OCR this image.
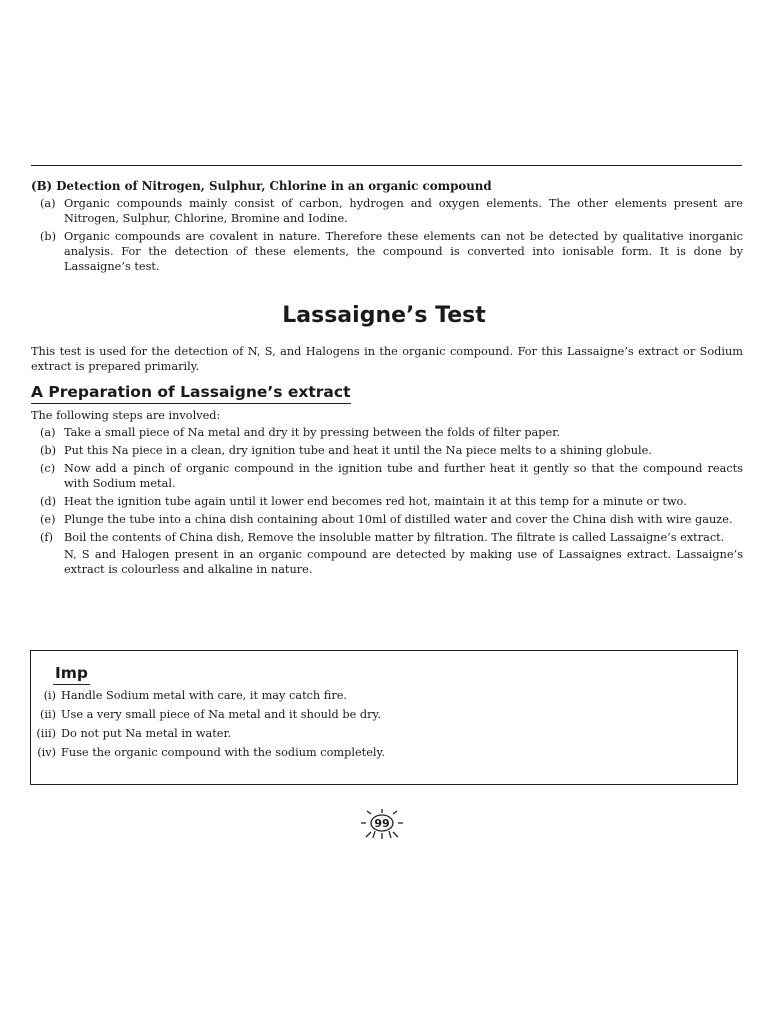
(B) Detection of Nitrogen, Sulphur, Chlorine in an organic compound
(a) Organic compounds mainly consist of carbon, hydrogen and oxygen elements. The other elements present are Nitrogen, Sulphur, Chlorine, Bromine and Iodine.
(b) Organic compounds are covalent in nature. Therefore these elements can not be detected by qualitative inorganic analysis. For the detection of these elements, the compound is converted into ionisable form. It is done by Lassaigne’s test.
Lassaigne’s Test
This test is used for the detection of N, S, and Halogens in the organic compound. For this Lassaigne’s extract or Sodium extract is prepared primarily.
A Preparation of Lassaigne’s extract
The following steps are involved:
(a) Take a small piece of Na metal and dry it by pressing between the folds of filter paper.
(b) Put this Na piece in a clean, dry ignition tube and heat it until the Na piece melts to a shining globule.
(c) Now add a pinch of organic compound in the ignition tube and further heat it gently so that the compound reacts with Sodium metal.
(d) Heat the ignition tube again until it lower end becomes red hot, maintain it at this temp for a minute or two.
(e) Plunge the tube into a china dish containing about 10ml of distilled water and cover the China dish with wire gauze.
(f) Boil the contents of China dish, Remove the insoluble matter by filtration. The filtrate is called Lassaigne’s extract.
N, S and Halogen present in an organic compound are detected by making use of Lassaignes extract. Lassaigne’s extract is colourless and alkaline in nature.
Imp
(i) Handle Sodium metal with care, it may catch fire.
(ii) Use a very small piece of Na metal and it should be dry.
(iii) Do not put Na metal in water.
(iv) Fuse the organic compound with the sodium completely.
99
